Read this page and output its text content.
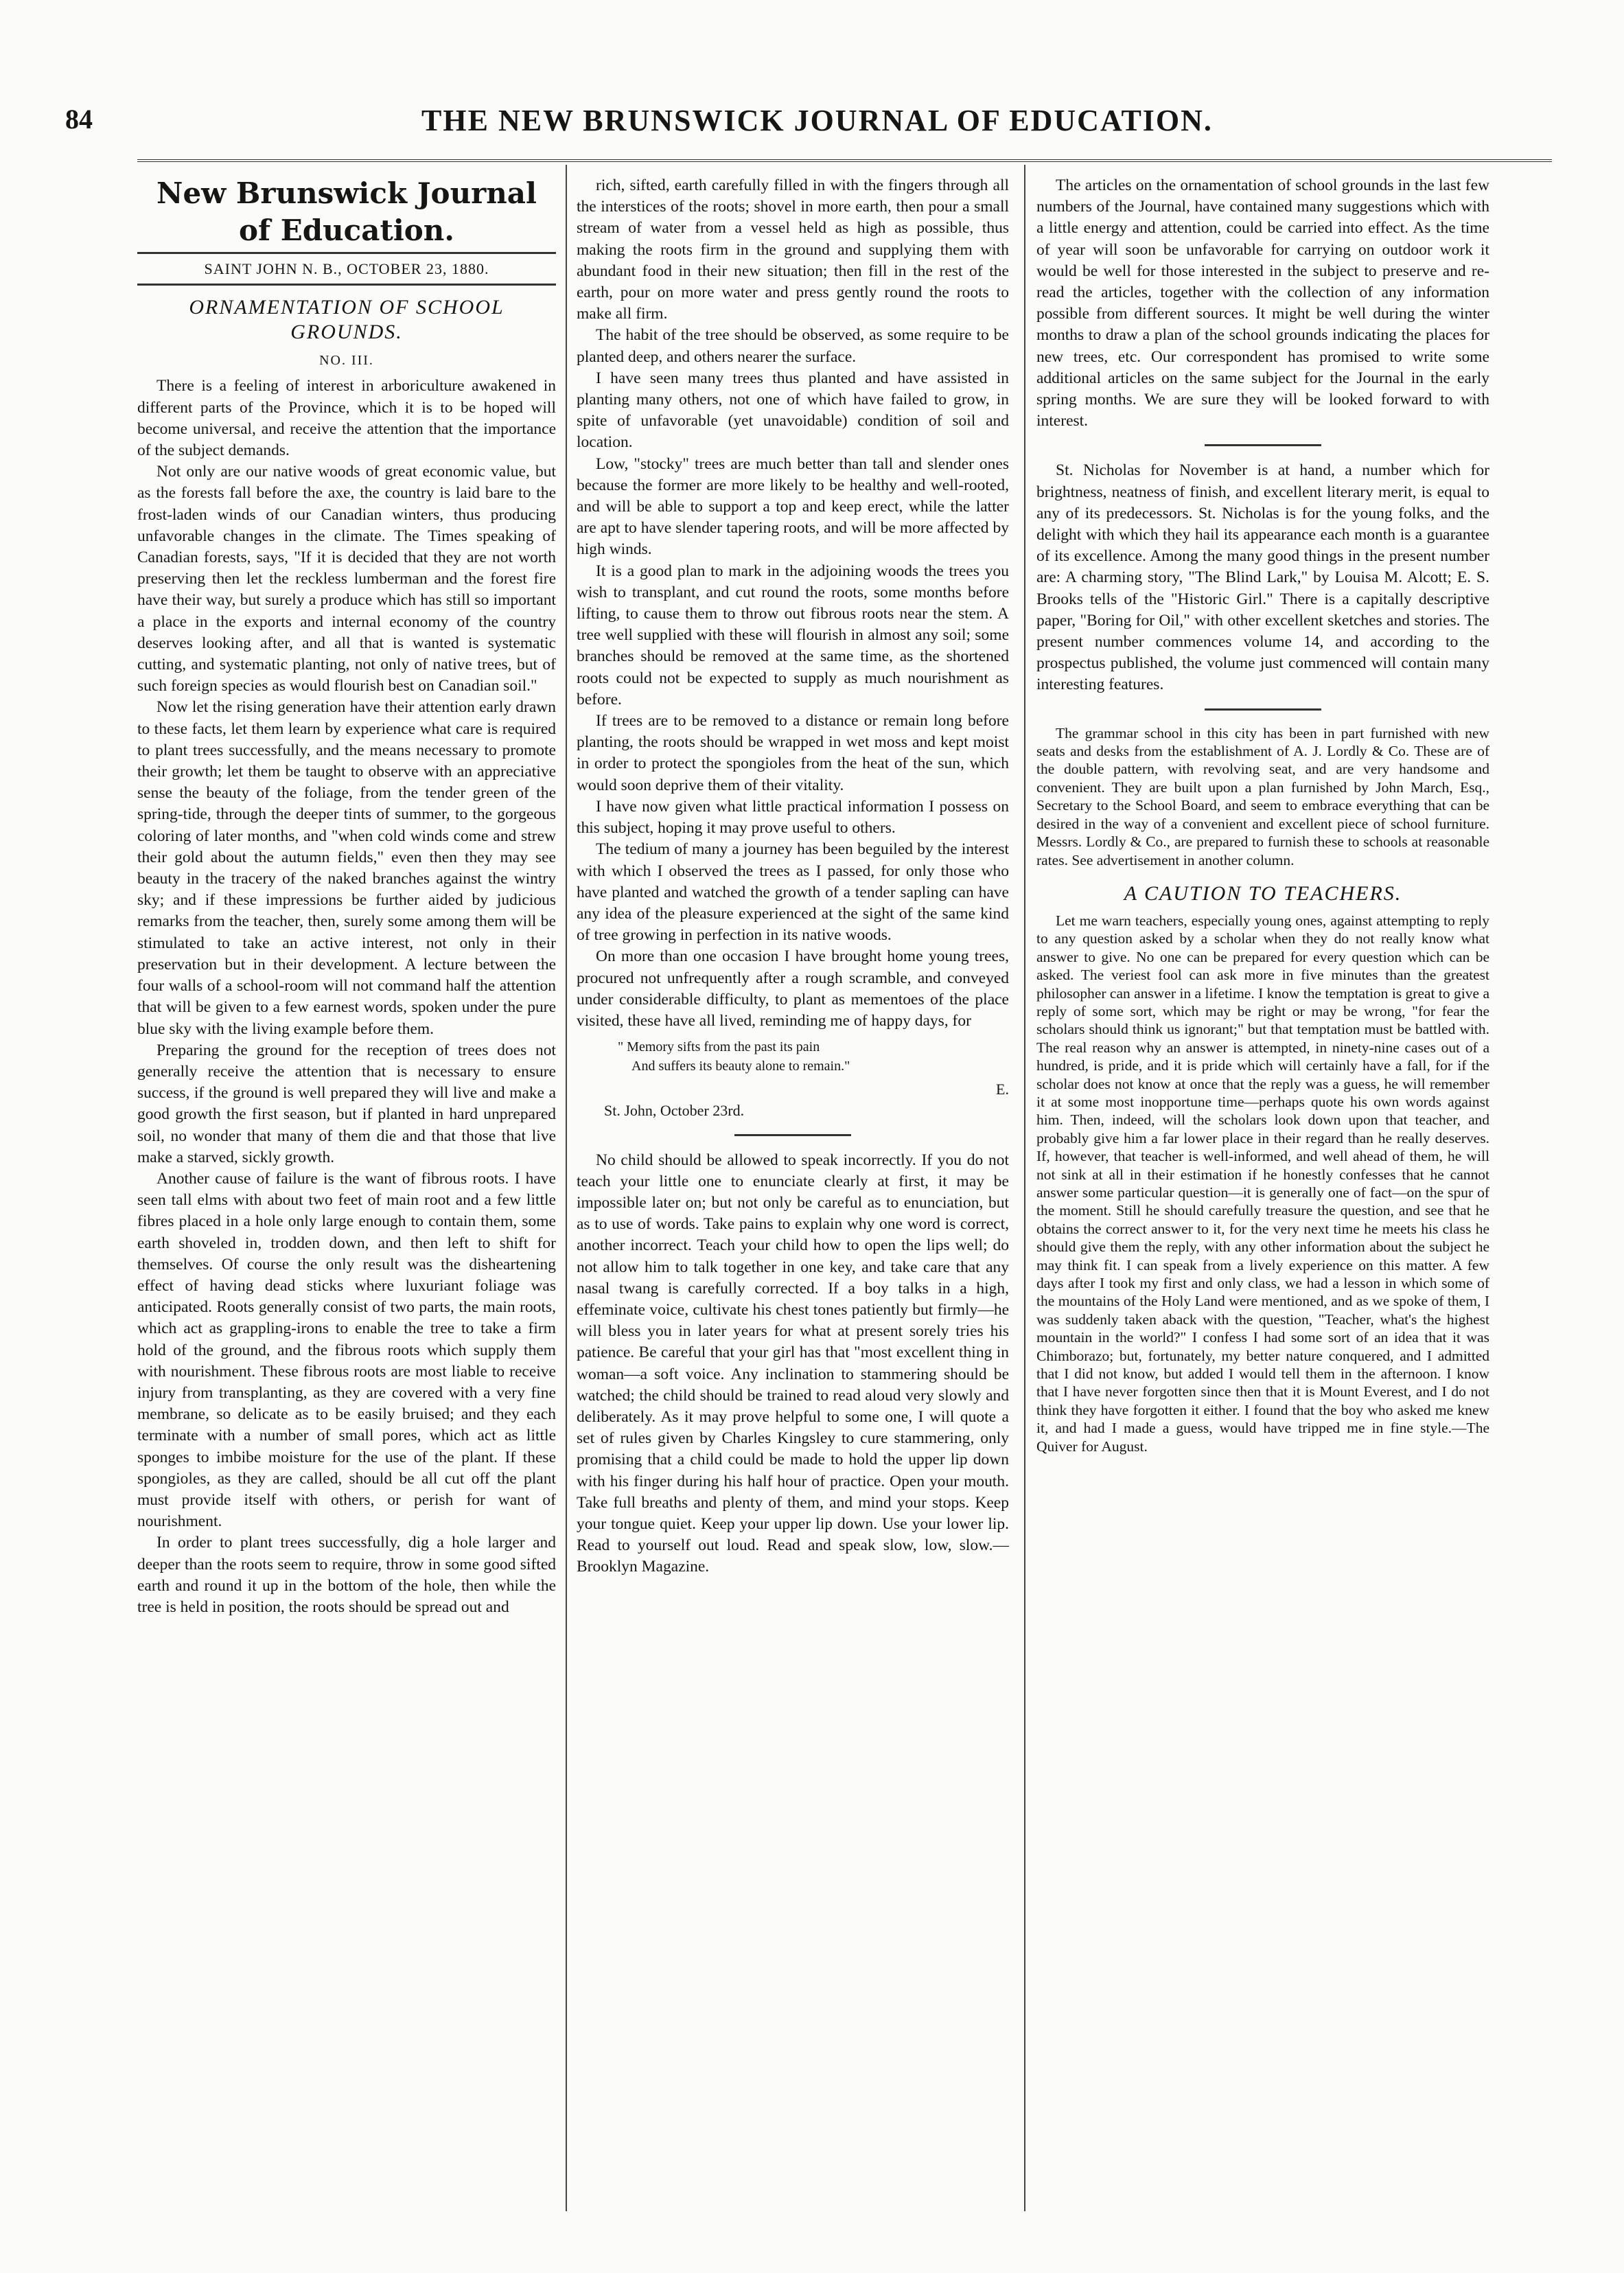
84	THE NEW BRUNSWICK JOURNAL OF EDUCATION.
New Brunswick Journal of Education.
SAINT JOHN N. B., OCTOBER 23, 1880.
ORNAMENTATION OF SCHOOL GROUNDS.
NO. III.

There is a feeling of interest in arboriculture awakened in different parts of the Province, which it is to be hoped will become universal, and receive the attention that the importance of the subject demands.

Not only are our native woods of great economic value, but as the forests fall before the axe, the country is laid bare to the frost-laden winds of our Canadian winters, thus producing unfavorable changes in the climate. The Times speaking of Canadian forests, says, "If it is decided that they are not worth preserving then let the reckless lumberman and the forest fire have their way, but surely a produce which has still so important a place in the exports and internal economy of the country deserves looking after, and all that is wanted is systematic cutting, and systematic planting, not only of native trees, but of such foreign species as would flourish best on Canadian soil."

Now let the rising generation have their attention early drawn to these facts, let them learn by experience what care is required to plant trees successfully, and the means necessary to promote their growth; let them be taught to observe with an appreciative sense the beauty of the foliage, from the tender green of the spring-tide, through the deeper tints of summer, to the gorgeous coloring of later months, and "when cold winds come and strew their gold about the autumn fields," even then they may see beauty in the tracery of the naked branches against the wintry sky; and if these impressions be further aided by judicious remarks from the teacher, then, surely some among them will be stimulated to take an active interest, not only in their preservation but in their development. A lecture between the four walls of a school-room will not command half the attention that will be given to a few earnest words, spoken under the pure blue sky with the living example before them.

Preparing the ground for the reception of trees does not generally receive the attention that is necessary to ensure success, if the ground is well prepared they will live and make a good growth the first season, but if planted in hard unprepared soil, no wonder that many of them die and that those that live make a starved, sickly growth.

Another cause of failure is the want of fibrous roots. I have seen tall elms with about two feet of main root and a few little fibres placed in a hole only large enough to contain them, some earth shoveled in, trodden down, and then left to shift for themselves. Of course the only result was the disheartening effect of having dead sticks where luxuriant foliage was anticipated. Roots generally consist of two parts, the main roots, which act as grappling-irons to enable the tree to take a firm hold of the ground, and the fibrous roots which supply them with nourishment. These fibrous roots are most liable to receive injury from transplanting, as they are covered with a very fine membrane, so delicate as to be easily bruised; and they each terminate with a number of small pores, which act as little sponges to imbibe moisture for the use of the plant. If these spongioles, as they are called, should be all cut off the plant must provide itself with others, or perish for want of nourishment.

In order to plant trees successfully, dig a hole larger and deeper than the roots seem to require, throw in some good sifted earth and round it up in the bottom of the hole, then while the tree is held in position, the roots should be spread out and

rich, sifted, earth carefully filled in with the fingers through all the interstices of the roots; shovel in more earth, then pour a small stream of water from a vessel held as high as possible, thus making the roots firm in the ground and supplying them with abundant food in their new situation; then fill in the rest of the earth, pour on more water and press gently round the roots to make all firm.

The habit of the tree should be observed, as some require to be planted deep, and others nearer the surface.

I have seen many trees thus planted and have assisted in planting many others, not one of which have failed to grow, in spite of unfavorable (yet unavoidable) condition of soil and location.

Low, "stocky" trees are much better than tall and slender ones because the former are more likely to be healthy and well-rooted, and will be able to support a top and keep erect, while the latter are apt to have slender tapering roots, and will be more affected by high winds.

It is a good plan to mark in the adjoining woods the trees you wish to transplant, and cut round the roots, some months before lifting, to cause them to throw out fibrous roots near the stem. A tree well supplied with these will flourish in almost any soil; some branches should be removed at the same time, as the shortened roots could not be expected to supply as much nourishment as before.

If trees are to be removed to a distance or remain long before planting, the roots should be wrapped in wet moss and kept moist in order to protect the spongioles from the heat of the sun, which would soon deprive them of their vitality.

I have now given what little practical information I possess on this subject, hoping it may prove useful to others.

The tedium of many a journey has been beguiled by the interest with which I observed the trees as I passed, for only those who have planted and watched the growth of a tender sapling can have any idea of the pleasure experienced at the sight of the same kind of tree growing in perfection in its native woods.

On more than one occasion I have brought home young trees, procured not unfrequently after a rough scramble, and conveyed under considerable difficulty, to plant as mementoes of the place visited, these have all lived, reminding me of happy days, for

" Memory sifts from the past its pain
And suffers its beauty alone to remain."

E.

St. John, October 23rd.

No child should be allowed to speak incorrectly. If you do not teach your little one to enunciate clearly at first, it may be impossible later on; but not only be careful as to enunciation, but as to use of words. Take pains to explain why one word is correct, another incorrect. Teach your child how to open the lips well; do not allow him to talk together in one key, and take care that any nasal twang is carefully corrected. If a boy talks in a high, effeminate voice, cultivate his chest tones patiently but firmly—he will bless you in later years for what at present sorely tries his patience. Be careful that your girl has that "most excellent thing in woman—a soft voice. Any inclination to stammering should be watched; the child should be trained to read aloud very slowly and deliberately. As it may prove helpful to some one, I will quote a set of rules given by Charles Kingsley to cure stammering, only promising that a child could be made to hold the upper lip down with his finger during his half hour of practice. Open your mouth. Take full breaths and plenty of them, and mind your stops. Keep your tongue quiet. Keep your upper lip down. Use your lower lip. Read to yourself out loud. Read and speak slow, low, slow.—Brooklyn Magazine.

The articles on the ornamentation of school grounds in the last few numbers of the Journal, have contained many suggestions which with a little energy and attention, could be carried into effect. As the time of year will soon be unfavorable for carrying on outdoor work it would be well for those interested in the subject to preserve and re-read the articles, together with the collection of any information possible from different sources. It might be well during the winter months to draw a plan of the school grounds indicating the places for new trees, etc. Our correspondent has promised to write some additional articles on the same subject for the Journal in the early spring months. We are sure they will be looked forward to with interest.

St. Nicholas for November is at hand, a number which for brightness, neatness of finish, and excellent literary merit, is equal to any of its predecessors. St. Nicholas is for the young folks, and the delight with which they hail its appearance each month is a guarantee of its excellence. Among the many good things in the present number are: A charming story, "The Blind Lark," by Louisa M. Alcott; E. S. Brooks tells of the "Historic Girl." There is a capitally descriptive paper, "Boring for Oil," with other excellent sketches and stories. The present number commences volume 14, and according to the prospectus published, the volume just commenced will contain many interesting features.

The grammar school in this city has been in part furnished with new seats and desks from the establishment of A. J. Lordly & Co. These are of the double pattern, with revolving seat, and are very handsome and convenient. They are built upon a plan furnished by John March, Esq., Secretary to the School Board, and seem to embrace everything that can be desired in the way of a convenient and excellent piece of school furniture. Messrs. Lordly & Co., are prepared to furnish these to schools at reasonable rates. See advertisement in another column.

A CAUTION TO TEACHERS.

Let me warn teachers, especially young ones, against attempting to reply to any question asked by a scholar when they do not really know what answer to give. No one can be prepared for every question which can be asked. The veriest fool can ask more in five minutes than the greatest philosopher can answer in a lifetime. I know the temptation is great to give a reply of some sort, which may be right or may be wrong, "for fear the scholars should think us ignorant;" but that temptation must be battled with. The real reason why an answer is attempted, in ninety-nine cases out of a hundred, is pride, and it is pride which will certainly have a fall, for if the scholar does not know at once that the reply was a guess, he will remember it at some most inopportune time—perhaps quote his own words against him. Then, indeed, will the scholars look down upon that teacher, and probably give him a far lower place in their regard than he really deserves. If, however, that teacher is well-informed, and well ahead of them, he will not sink at all in their estimation if he honestly confesses that he cannot answer some particular question—it is generally one of fact—on the spur of the moment. Still he should carefully treasure the question, and see that he obtains the correct answer to it, for the very next time he meets his class he should give them the reply, with any other information about the subject he may think fit. I can speak from a lively experience on this matter. A few days after I took my first and only class, we had a lesson in which some of the mountains of the Holy Land were mentioned, and as we spoke of them, I was suddenly taken aback with the question, "Teacher, what's the highest mountain in the world?" I confess I had some sort of an idea that it was Chimborazo; but, fortunately, my better nature conquered, and I admitted that I did not know, but added I would tell them in the afternoon. I know that I have never forgotten since then that it is Mount Everest, and I do not think they have forgotten it either. I found that the boy who asked me knew it, and had I made a guess, would have tripped me in fine style.—The Quiver for August.
